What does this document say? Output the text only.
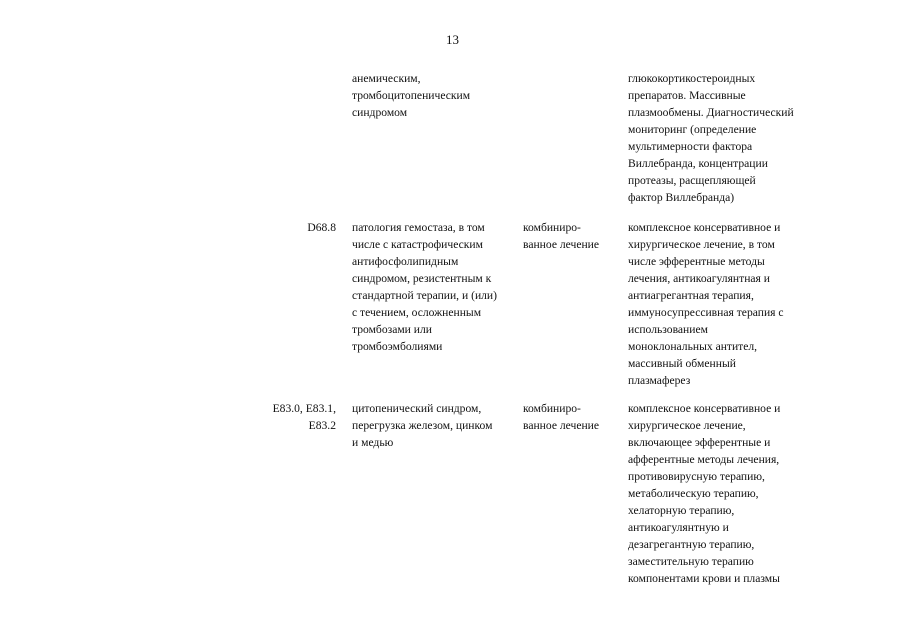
13
анемическим,
тромбоцитопеническим
синдромом
глюкокортикостероидных
препаратов. Массивные
плазмообмены. Диагностический
мониторинг (определение
мультимерности фактора
Виллебранда, концентрации
протеазы, расщепляющей
фактор Виллебранда)
D68.8 патология гемостаза, в том
числе с катастрофическим
антифосфолипидным
синдромом, резистентным к
стандартной терапии, и (или)
с течением, осложненным
тромбозами или
тромбоэмболиями
комбиниро-
ванное лечение
комплексное консервативное и
хирургическое лечение, в том
числе эфферентные методы
лечения, антикоагулянтная и
антиагрегантная терапия,
иммуносупрессивная терапия с
использованием
моноклональных антител,
массивный обменный
плазмаферез
E83.0, E83.1,
E83.2
цитопенический синдром,
перегрузка железом, цинком
и медью
комбиниро-
ванное лечение
комплексное консервативное и
хирургическое лечение,
включающее эфферентные и
афферентные методы лечения,
противовирусную терапию,
метаболическую терапию,
хелаторную терапию,
антикоагулянтную и
дезагрегантную терапию,
заместительную терапию
компонентами крови и плазмы
